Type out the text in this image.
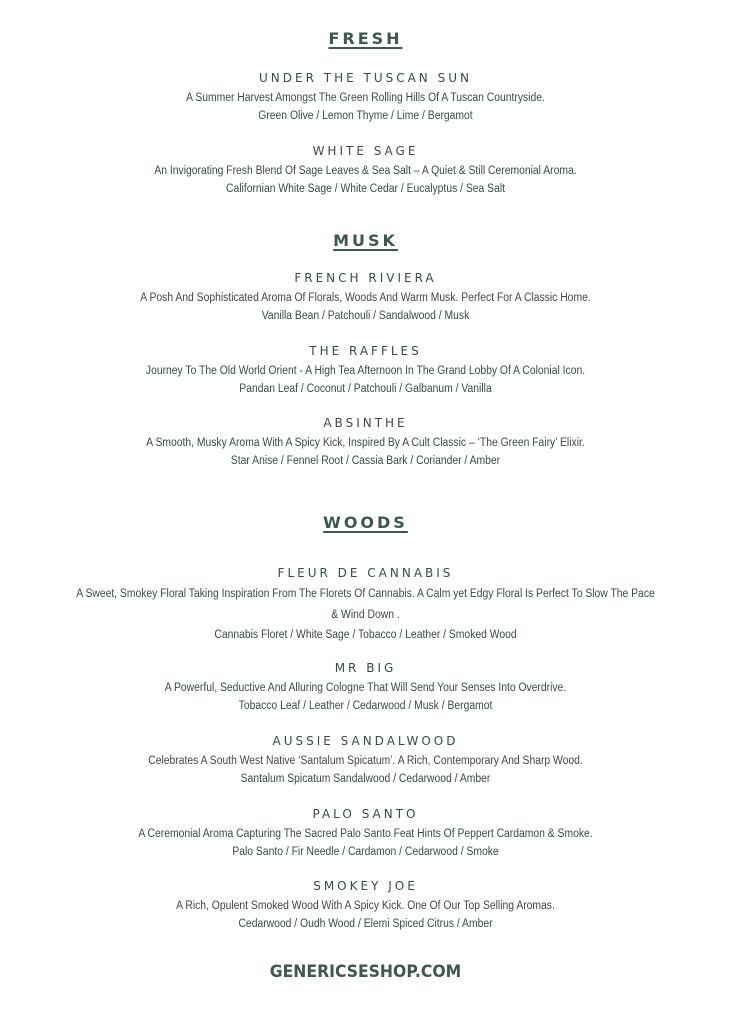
FRESH
UNDER THE TUSCAN SUN
A Summer Harvest Amongst The Green Rolling Hills Of A Tuscan Countryside.
Green Olive / Lemon Thyme / Lime / Bergamot
WHITE SAGE
An Invigorating Fresh Blend Of Sage Leaves & Sea Salt – A Quiet & Still Ceremonial Aroma.
Californian White Sage / White Cedar / Eucalyptus / Sea Salt
MUSK
FRENCH RIVIERA
A Posh And Sophisticated Aroma Of Florals, Woods And Warm Musk. Perfect For A Classic Home.
Vanilla Bean / Patchouli / Sandalwood / Musk
THE RAFFLES
Journey To The Old World Orient - A High Tea Afternoon In The Grand Lobby Of A Colonial Icon.
Pandan Leaf / Coconut / Patchouli / Galbanum / Vanilla
ABSINTHE
A Smooth, Musky Aroma With A Spicy Kick, Inspired By A Cult Classic – ‘The Green Fairy’ Elixir.
Star Anise / Fennel Root / Cassia Bark / Coriander / Amber
WOODS
FLEUR DE CANNABIS
A Sweet, Smokey Floral Taking Inspiration From The Florets Of Cannabis. A Calm yet Edgy Floral Is Perfect To Slow The Pace & Wind Down .
Cannabis Floret / White Sage / Tobacco / Leather / Smoked Wood
MR BIG
A Powerful, Seductive And Alluring Cologne That Will Send Your Senses Into Overdrive.
Tobacco Leaf / Leather / Cedarwood / Musk / Bergamot
AUSSIE SANDALWOOD
Celebrates A South West Native ‘Santalum Spicatum’. A Rich, Contemporary And Sharp Wood.
Santalum Spicatum Sandalwood / Cedarwood / Amber
PALO SANTO
A Ceremonial Aroma Capturing The Sacred Palo Santo Feat Hints Of Peppert Cardamon & Smoke.
Palo Santo / Fir Needle / Cardamon / Cedarwood / Smoke
SMOKEY JOE
A Rich, Opulent Smoked Wood With A Spicy Kick. One Of Our Top Selling Aromas.
Cedarwood / Oudh Wood / Elemi Spiced Citrus / Amber
GENERICSESHOP.COM
